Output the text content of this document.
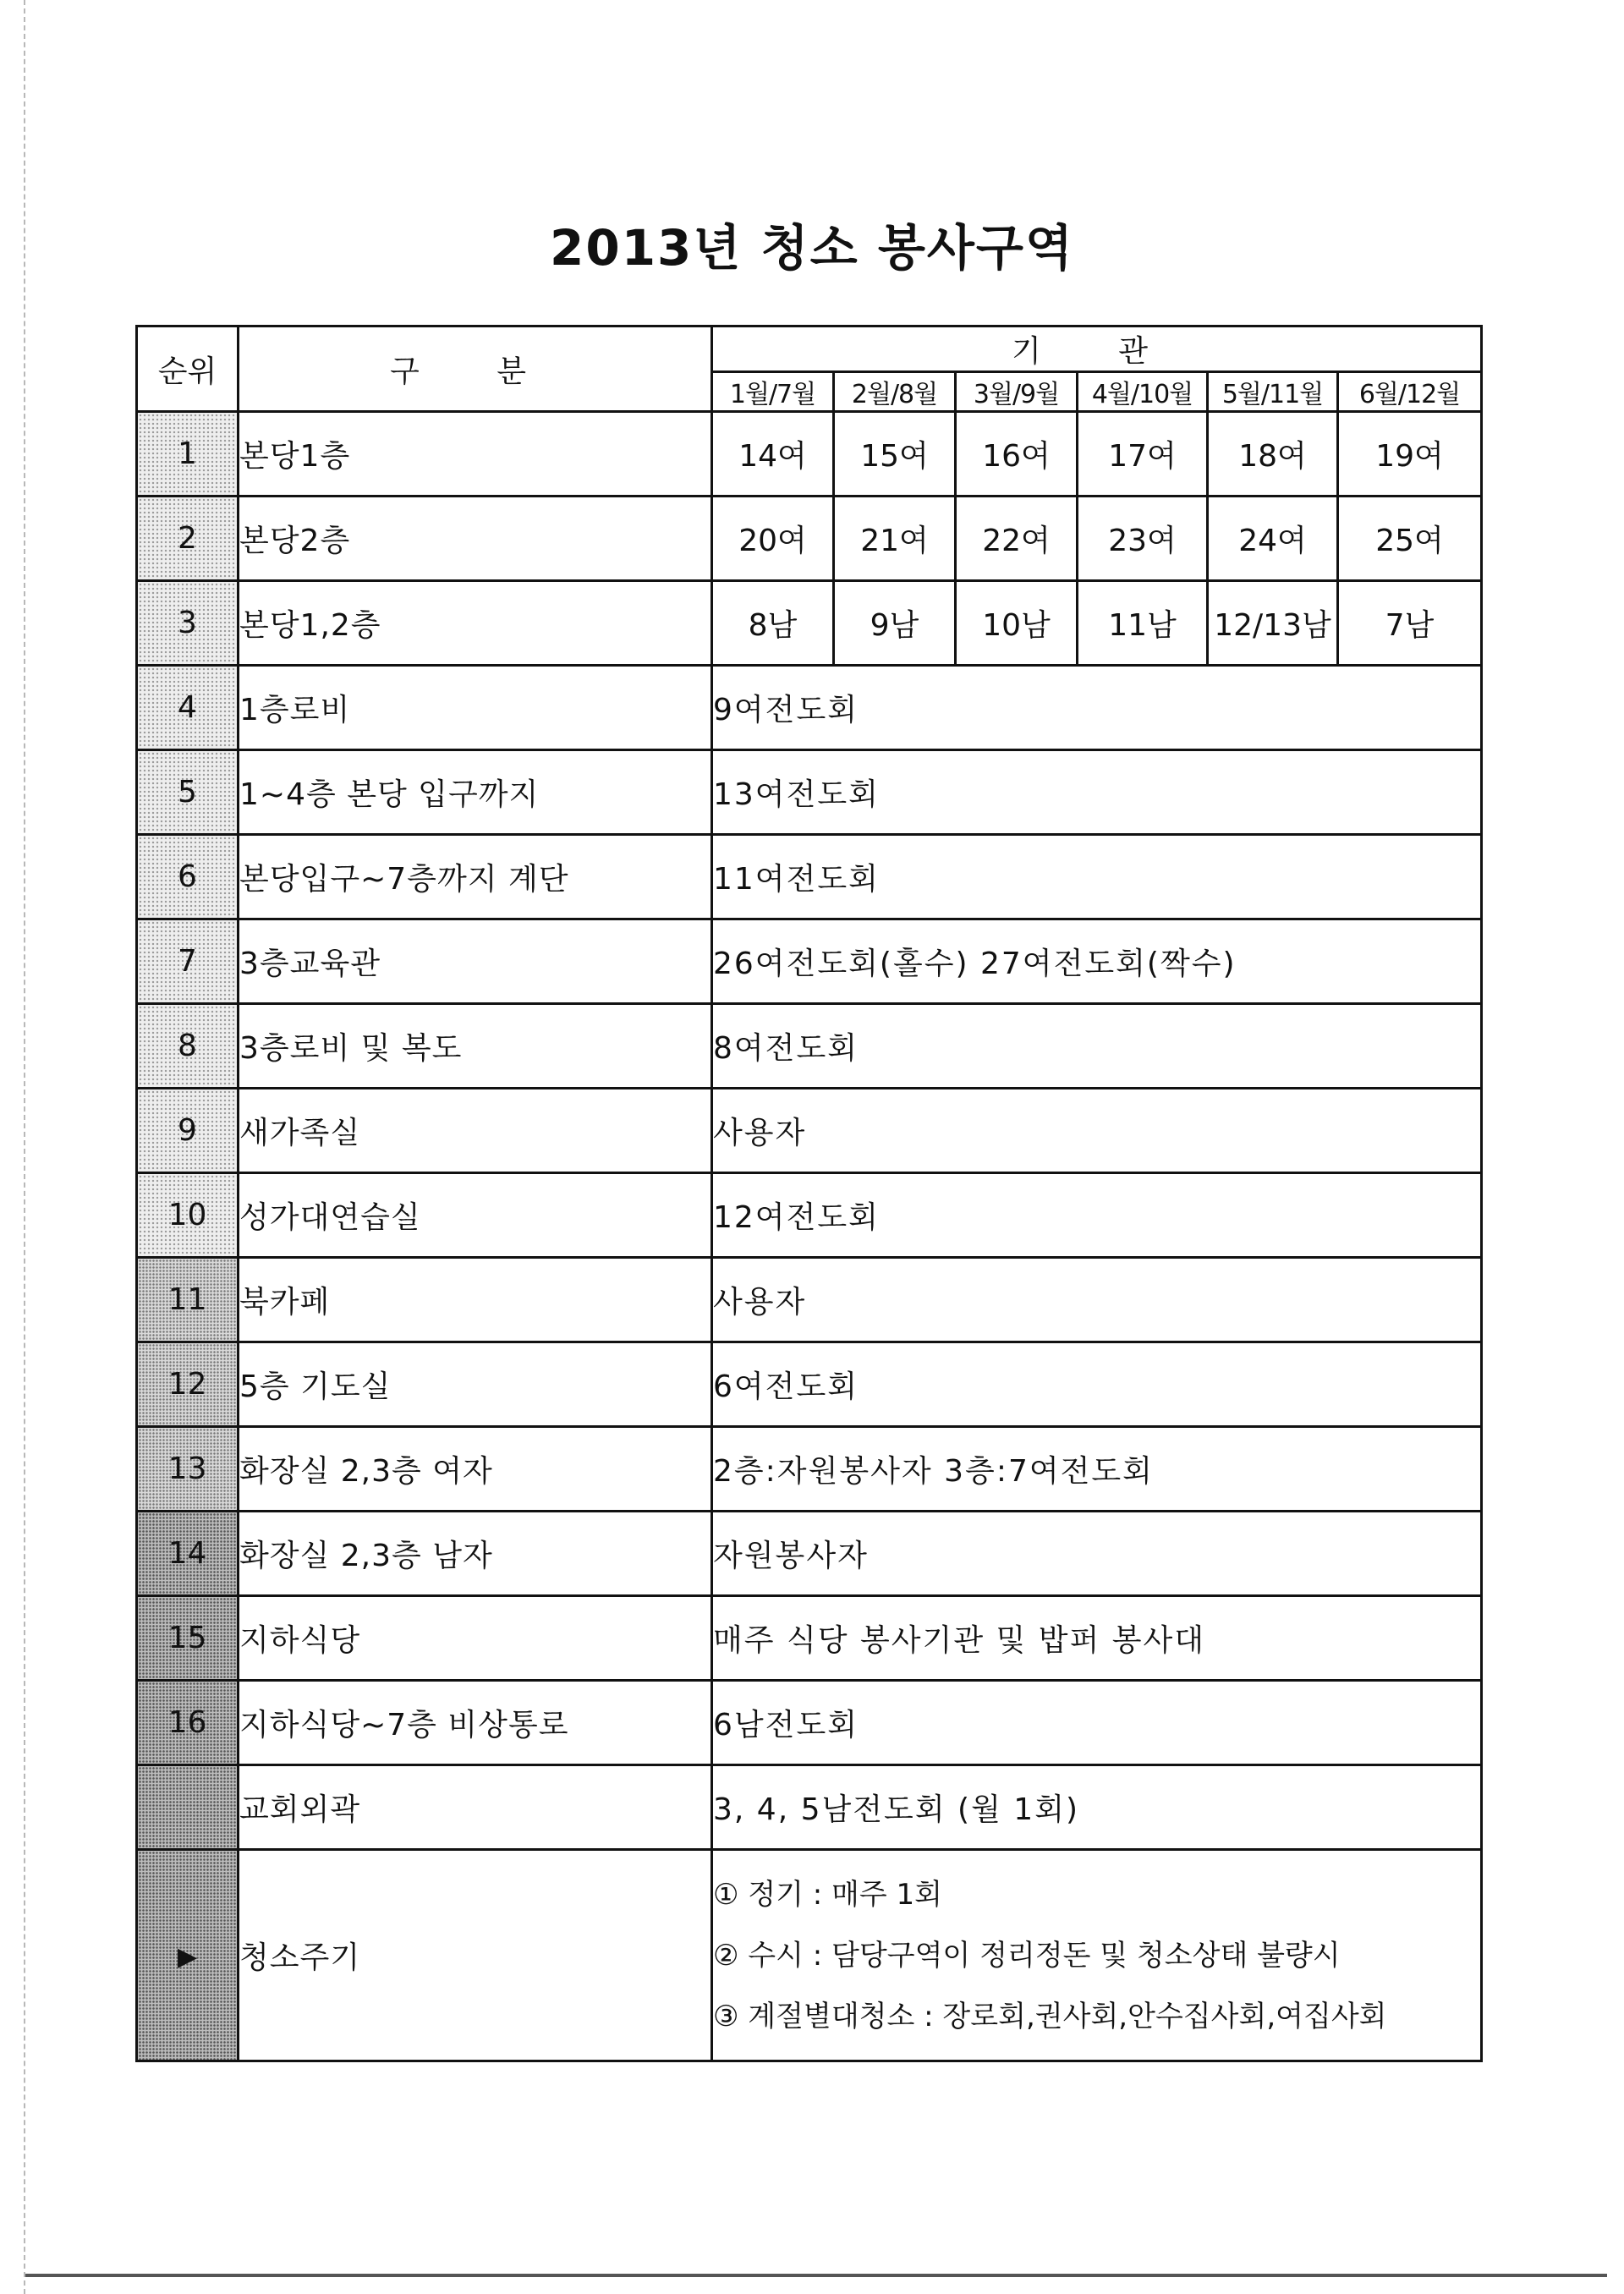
2013년 청소 봉사구역
순위	구 분	기 관					
		1월/7월	2월/8월	3월/9월	4월/10월	5월/11월	6월/12월
1	본당1층	14여	15여	16여	17여	18여	19여
2	본당2층	20여	21여	22여	23여	24여	25여
3	본당1,2층	8남	9남	10남	11남	12/13남	7남
4	1층로비	9여전도회					
5	1~4층 본당 입구까지	13여전도회					
6	본당입구~7층까지 계단	11여전도회					
7	3층교육관	26여전도회(홀수) 27여전도회(짝수)					
8	3층로비 및 복도	8여전도회					
9	새가족실	사용자					
10	성가대연습실	12여전도회					
11	북카페	사용자					
12	5층 기도실	6여전도회					
13	화장실 2,3층 여자	2층:자원봉사자 3층:7여전도회					
14	화장실 2,3층 남자	자원봉사자					
15	지하식당	매주 식당 봉사기관 및 밥퍼 봉사대					
16	지하식당~7층 비상통로	6남전도회					
	교회외곽	3, 4, 5남전도회 (월 1회)					
▶	청소주기	① 정기 : 매주 1회
② 수시 : 담당구역이 정리정돈 및 청소상태 불량시
③ 계절별대청소 : 장로회,권사회,안수집사회,여집사회					
